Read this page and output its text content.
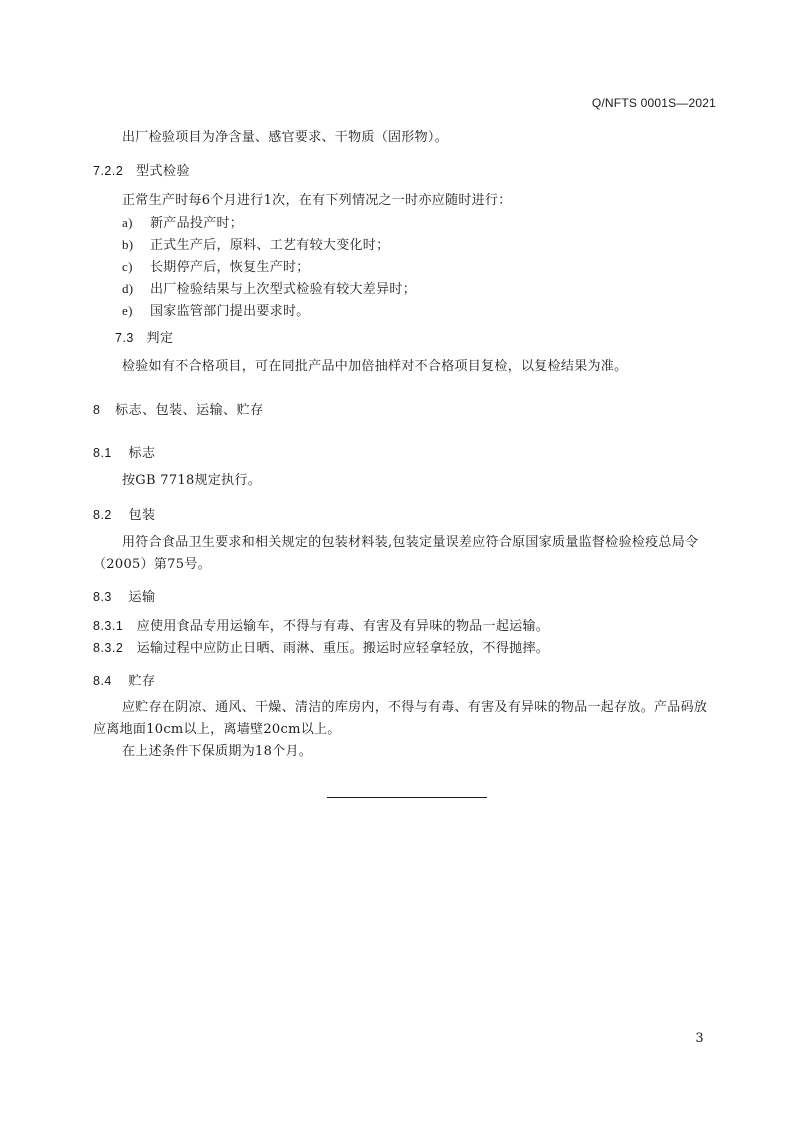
Q/NFTS 0001S—2021
出厂检验项目为净含量、感官要求、干物质（固形物）。
7.2.2 型式检验
正常生产时每6个月进行1次，在有下列情况之一时亦应随时进行：
a) 新产品投产时；
b) 正式生产后，原料、工艺有较大变化时；
c) 长期停产后，恢复生产时；
d) 出厂检验结果与上次型式检验有较大差异时；
e) 国家监管部门提出要求时。
7.3 判定
检验如有不合格项目，可在同批产品中加倍抽样对不合格项目复检，以复检结果为准。
8 标志、包装、运输、贮存
8.1 标志
按GB 7718规定执行。
8.2 包装
用符合食品卫生要求和相关规定的包装材料装,包装定量误差应符合原国家质量监督检验检疫总局令（2005）第75号。
8.3 运输
8.3.1 应使用食品专用运输车，不得与有毒、有害及有异味的物品一起运输。
8.3.2 运输过程中应防止日晒、雨淋、重压。搬运时应轻拿轻放，不得抛摔。
8.4 贮存
应贮存在阴凉、通风、干燥、清洁的库房内，不得与有毒、有害及有异味的物品一起存放。产品码放应离地面10cm以上，离墙壁20cm以上。
在上述条件下保质期为18个月。
3
